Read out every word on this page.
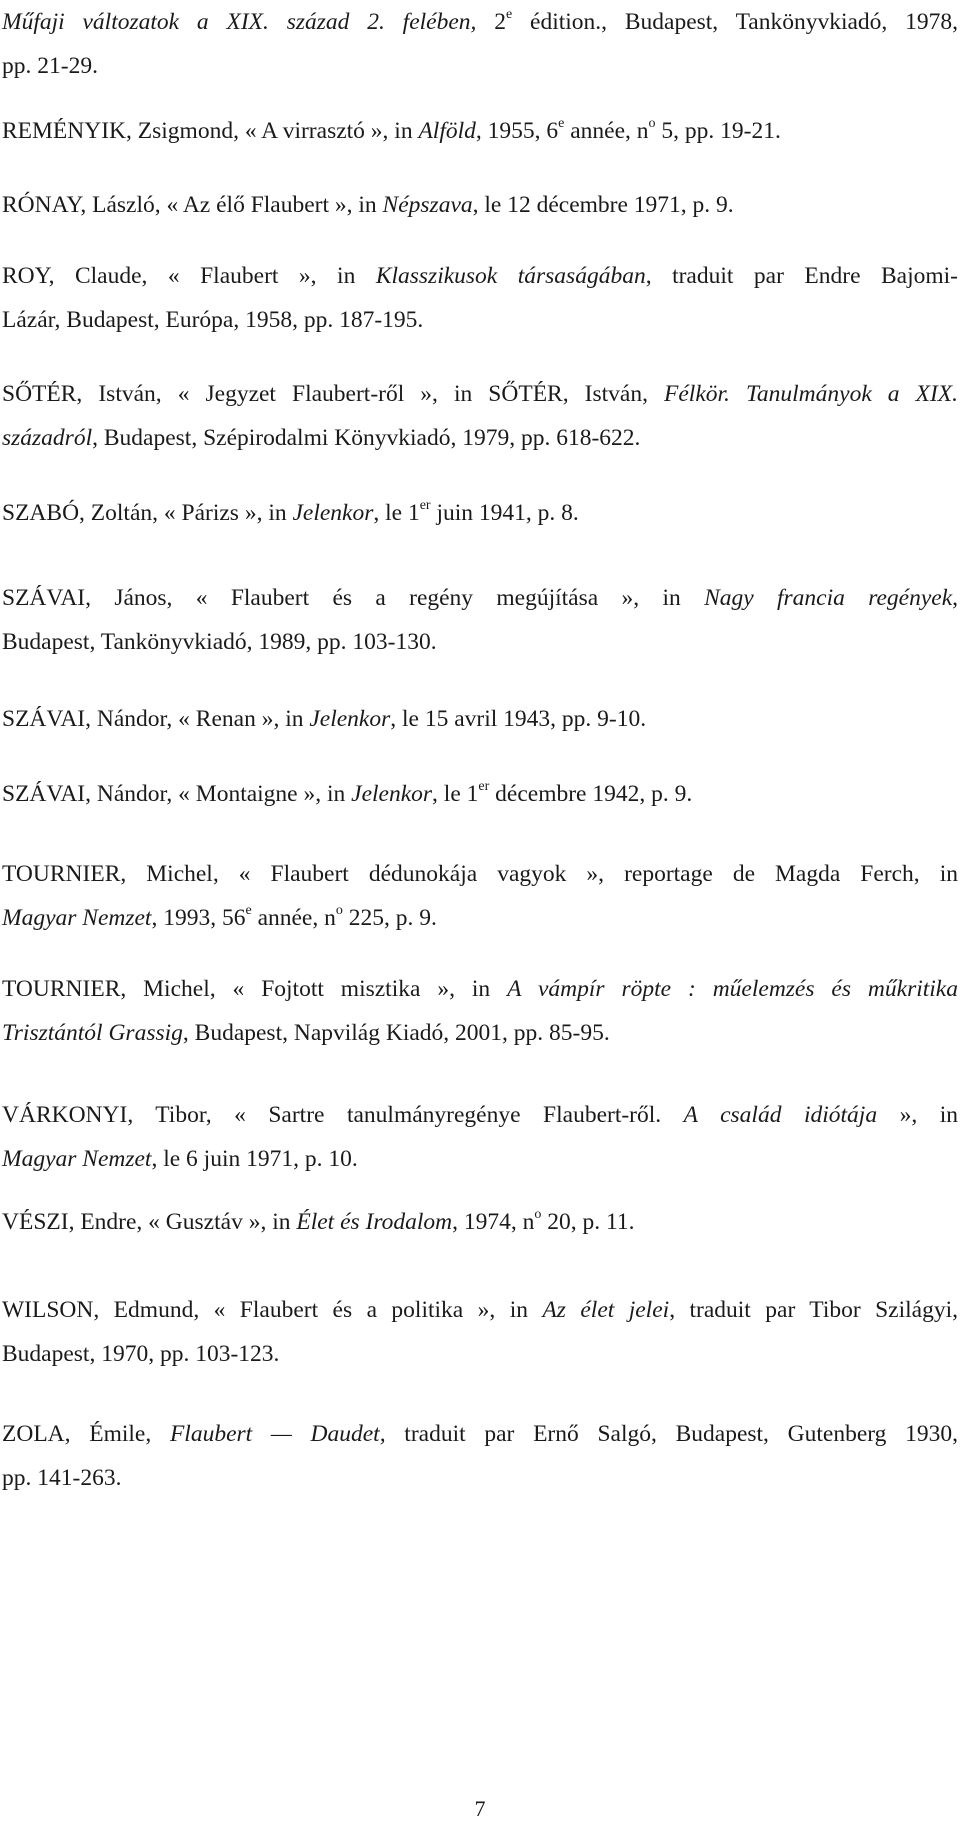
Műfaji változatok a XIX. század 2. felében, 2e édition., Budapest, Tankönyvkiadó, 1978,
pp. 21-29.
REMÉNYIK, Zsigmond, « A virrasztó », in Alföld, 1955, 6e année, $n^o$ 5, pp. 19-21.
RÓNAY, László, « Az élő Flaubert », in Népszava, le 12 décembre 1971, p. 9.
ROY, Claude, « Flaubert », in Klasszikusok társaságában, traduit par Endre Bajomi-
Lázár, Budapest, Európa, 1958, pp. 187-195.
SŐTÉR, István, « Jegyzet Flaubert-ről », in SŐTÉR, István, Félkör. Tanulmányok a XIX.
századról, Budapest, Szépirodalmi Könyvkiadó, 1979, pp. 618-622.
SZABÓ, Zoltán, « Párizs », in Jelenkor, le 1er juin 1941, p. 8.
SZÁVAI, János, « Flaubert és a regény megújítása », in Nagy francia regények,
Budapest, Tankönyvkiadó, 1989, pp. 103-130.
SZÁVAI, Nándor, « Renan », in Jelenkor, le 15 avril 1943, pp. 9-10.
SZÁVAI, Nándor, « Montaigne », in Jelenkor, le 1er décembre 1942, p. 9.
TOURNIER, Michel, « Flaubert dédunokája vagyok », reportage de Magda Ferch, in
Magyar Nemzet, 1993, 56e année, $n^o$ 225, p. 9.
TOURNIER, Michel, « Fojtott misztika », in A vámpír röpte : műelemzés és műkritika
Trisztántól Grassig, Budapest, Napvilág Kiadó, 2001, pp. 85-95.
VÁRKONYI, Tibor, « Sartre tanulmányregénye Flaubert-ről. A család idiótája », in
Magyar Nemzet, le 6 juin 1971, p. 10.
VÉSZI, Endre, « Gusztáv », in Élet és Irodalom, 1974, $n^o$ 20, p. 11.
WILSON, Edmund, « Flaubert és a politika », in Az élet jelei, traduit par Tibor Szilágyi,
Budapest, 1970, pp. 103-123.
ZOLA, Émile, Flaubert — Daudet, traduit par Ernő Salgó, Budapest, Gutenberg 1930,
pp. 141-263.
7
